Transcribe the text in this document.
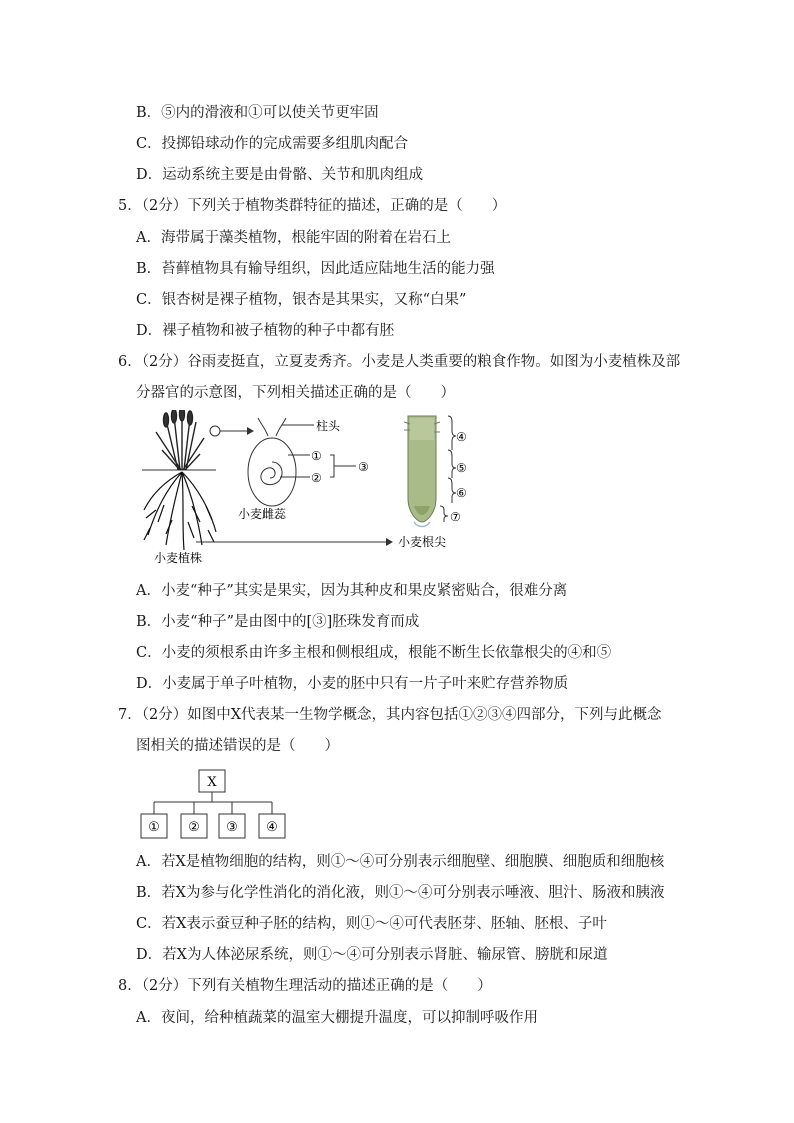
B．⑤内的滑液和①可以使关节更牢固
C．投掷铅球动作的完成需要多组肌肉配合
D．运动系统主要是由骨骼、关节和肌肉组成
5．（2分）下列关于植物类群特征的描述，正确的是（　　）
A．海带属于藻类植物，根能牢固的附着在岩石上
B．苔藓植物具有输导组织，因此适应陆地生活的能力强
C．银杏树是裸子植物，银杏是其果实，又称“白果”
D．裸子植物和被子植物的种子中都有胚
6．（2分）谷雨麦挺直，立夏麦秀齐。小麦是人类重要的粮食作物。如图为小麦植株及部
分器官的示意图，下列相关描述正确的是（　　）
柱头
①
②
③
小麦雌蕊
④
⑤
⑥
⑦
小麦根尖
小麦植株
A．小麦“种子”其实是果实，因为其种皮和果皮紧密贴合，很难分离
B．小麦“种子”是由图中的[③]胚珠发育而成
C．小麦的须根系由许多主根和侧根组成，根能不断生长依靠根尖的④和⑤
D．小麦属于单子叶植物，小麦的胚中只有一片子叶来贮存营养物质
7．（2分）如图中X代表某一生物学概念，其内容包括①②③④四部分，下列与此概念
图相关的描述错误的是（　　）
X
① ② ③ ④
A．若X是植物细胞的结构，则①～④可分别表示细胞壁、细胞膜、细胞质和细胞核
B．若X为参与化学性消化的消化液，则①～④可分别表示唾液、胆汁、肠液和胰液
C．若X表示蚕豆种子胚的结构，则①～④可代表胚芽、胚轴、胚根、子叶
D．若X为人体泌尿系统，则①～④可分别表示肾脏、输尿管、膀胱和尿道
8．（2分）下列有关植物生理活动的描述正确的是（　　）
A．夜间，给种植蔬菜的温室大棚提升温度，可以抑制呼吸作用
